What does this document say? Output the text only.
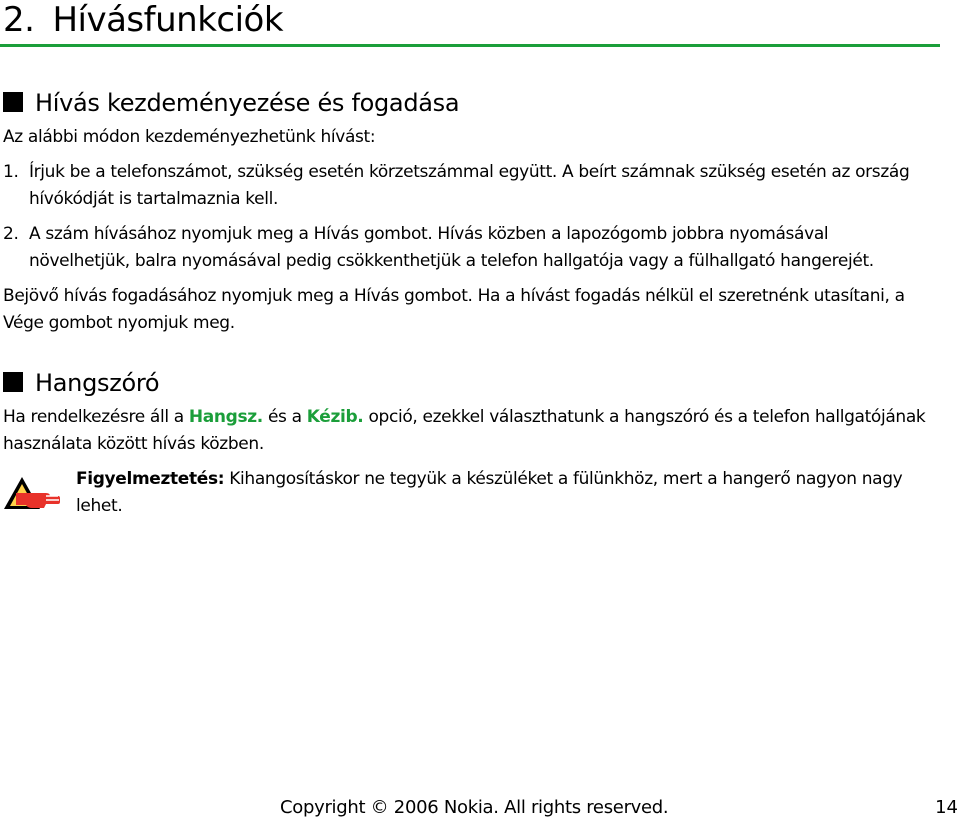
2. Hívásfunkciók
Hívás kezdeményezése és fogadása
Az alábbi módon kezdeményezhetünk hívást:
1. Írjuk be a telefonszámot, szükség esetén körzetszámmal együtt. A beírt számnak szükség esetén az ország
hívókódját is tartalmaznia kell.
2. A szám hívásához nyomjuk meg a Hívás gombot. Hívás közben a lapozógomb jobbra nyomásával
növelhetjük, balra nyomásával pedig csökkenthetjük a telefon hallgatója vagy a fülhallgató hangerejét.
Bejövő hívás fogadásához nyomjuk meg a Hívás gombot. Ha a hívást fogadás nélkül el szeretnénk utasítani, a
Vége gombot nyomjuk meg.
Hangszóró
Ha rendelkezésre áll a Hangsz. és a Kézib. opció, ezekkel választhatunk a hangszóró és a telefon hallgatójának
használata között hívás közben.
Figyelmeztetés: Kihangosításkor ne tegyük a készüléket a fülünkhöz, mert a hangerő nagyon nagy
lehet.
Copyright © 2006 Nokia. All rights reserved.	14
